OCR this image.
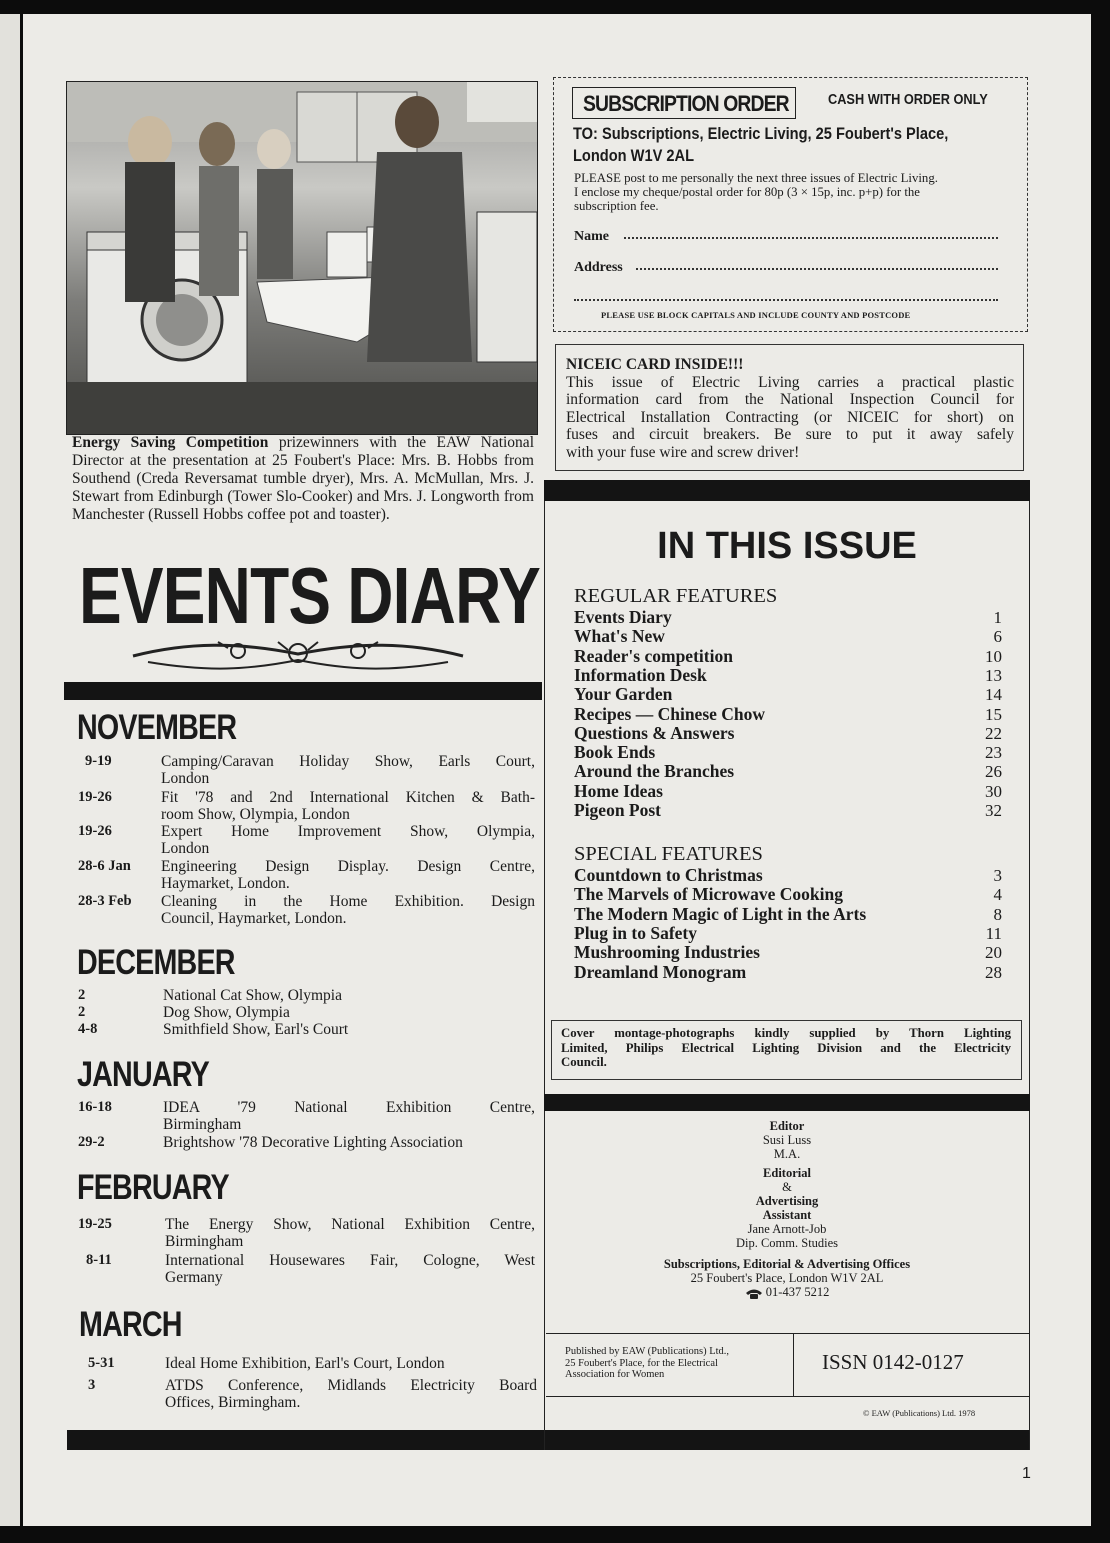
Energy Saving Competition prizewinners with the EAW National Director at the presentation at 25 Foubert's Place: Mrs. B. Hobbs from Southend (Creda Reversamat tumble dryer), Mrs. A. McMullan, Mrs. J. Stewart from Edinburgh (Tower Slo-Cooker) and Mrs. J. Longworth from Manchester (Russell Hobbs coffee pot and toaster).
EVENTS DIARY
NOVEMBER
9-19	Camping/Caravan Holiday Show, Earls Court,
London
19-26	Fit '78 and 2nd International Kitchen & Bath-
room Show, Olympia, London
19-26	Expert Home Improvement Show, Olympia,
London
28-6 Jan Engineering Design Display. Design Centre,
Haymarket, London.
28-3 Feb Cleaning in the Home Exhibition. Design
Council, Haymarket, London.
DECEMBER
2	National Cat Show, Olympia
2	Dog Show, Olympia
4-8	Smithfield Show, Earl's Court
JANUARY
16-18	IDEA '79 National Exhibition Centre,
Birmingham
29-2	Brightshow '78 Decorative Lighting Association
FEBRUARY
19-25	The Energy Show, National Exhibition Centre,
Birmingham
8-11	International Housewares Fair, Cologne, West
Germany
MARCH
5-31	Ideal Home Exhibition, Earl's Court, London
3	ATDS Conference, Midlands Electricity Board
Offices, Birmingham.
SUBSCRIPTION ORDER	CASH WITH ORDER ONLY
TO: Subscriptions, Electric Living, 25 Foubert's Place,
London W1V 2AL
PLEASE post to me personally the next three issues of Electric Living.
I enclose my cheque/postal order for 80p (3 × 15p, inc. p+p) for the
subscription fee.
Name
Address
PLEASE USE BLOCK CAPITALS AND INCLUDE COUNTY AND POSTCODE
NICEIC CARD INSIDE!!!
This issue of Electric Living carries a practical plastic
information card from the National Inspection Council for
Electrical Installation Contracting (or NICEIC for short) on
fuses and circuit breakers. Be sure to put it away safely
with your fuse wire and screw driver!
IN THIS ISSUE
REGULAR FEATURES
Events Diary	1
What's New	6
Reader's competition	10
Information Desk	13
Your Garden	14
Recipes — Chinese Chow	15
Questions & Answers	22
Book Ends	23
Around the Branches	26
Home Ideas	30
Pigeon Post	32
SPECIAL FEATURES
Countdown to Christmas	3
The Marvels of Microwave Cooking	4
The Modern Magic of Light in the Arts	8
Plug in to Safety	11
Mushrooming Industries	20
Dreamland Monogram	28
Cover montage-photographs kindly supplied by Thorn Lighting
Limited, Philips Electrical Lighting Division and the Electricity
Council.
Editor
Susi Luss
M.A.
Editorial
&
Advertising
Assistant
Jane Arnott-Job
Dip. Comm. Studies
Subscriptions, Editorial & Advertising Offices
25 Foubert's Place, London W1V 2AL
01-437 5212
Published by EAW (Publications) Ltd.,
25 Foubert's Place, for the Electrical
Association for Women
ISSN 0142-0127
© EAW (Publications) Ltd. 1978
1
